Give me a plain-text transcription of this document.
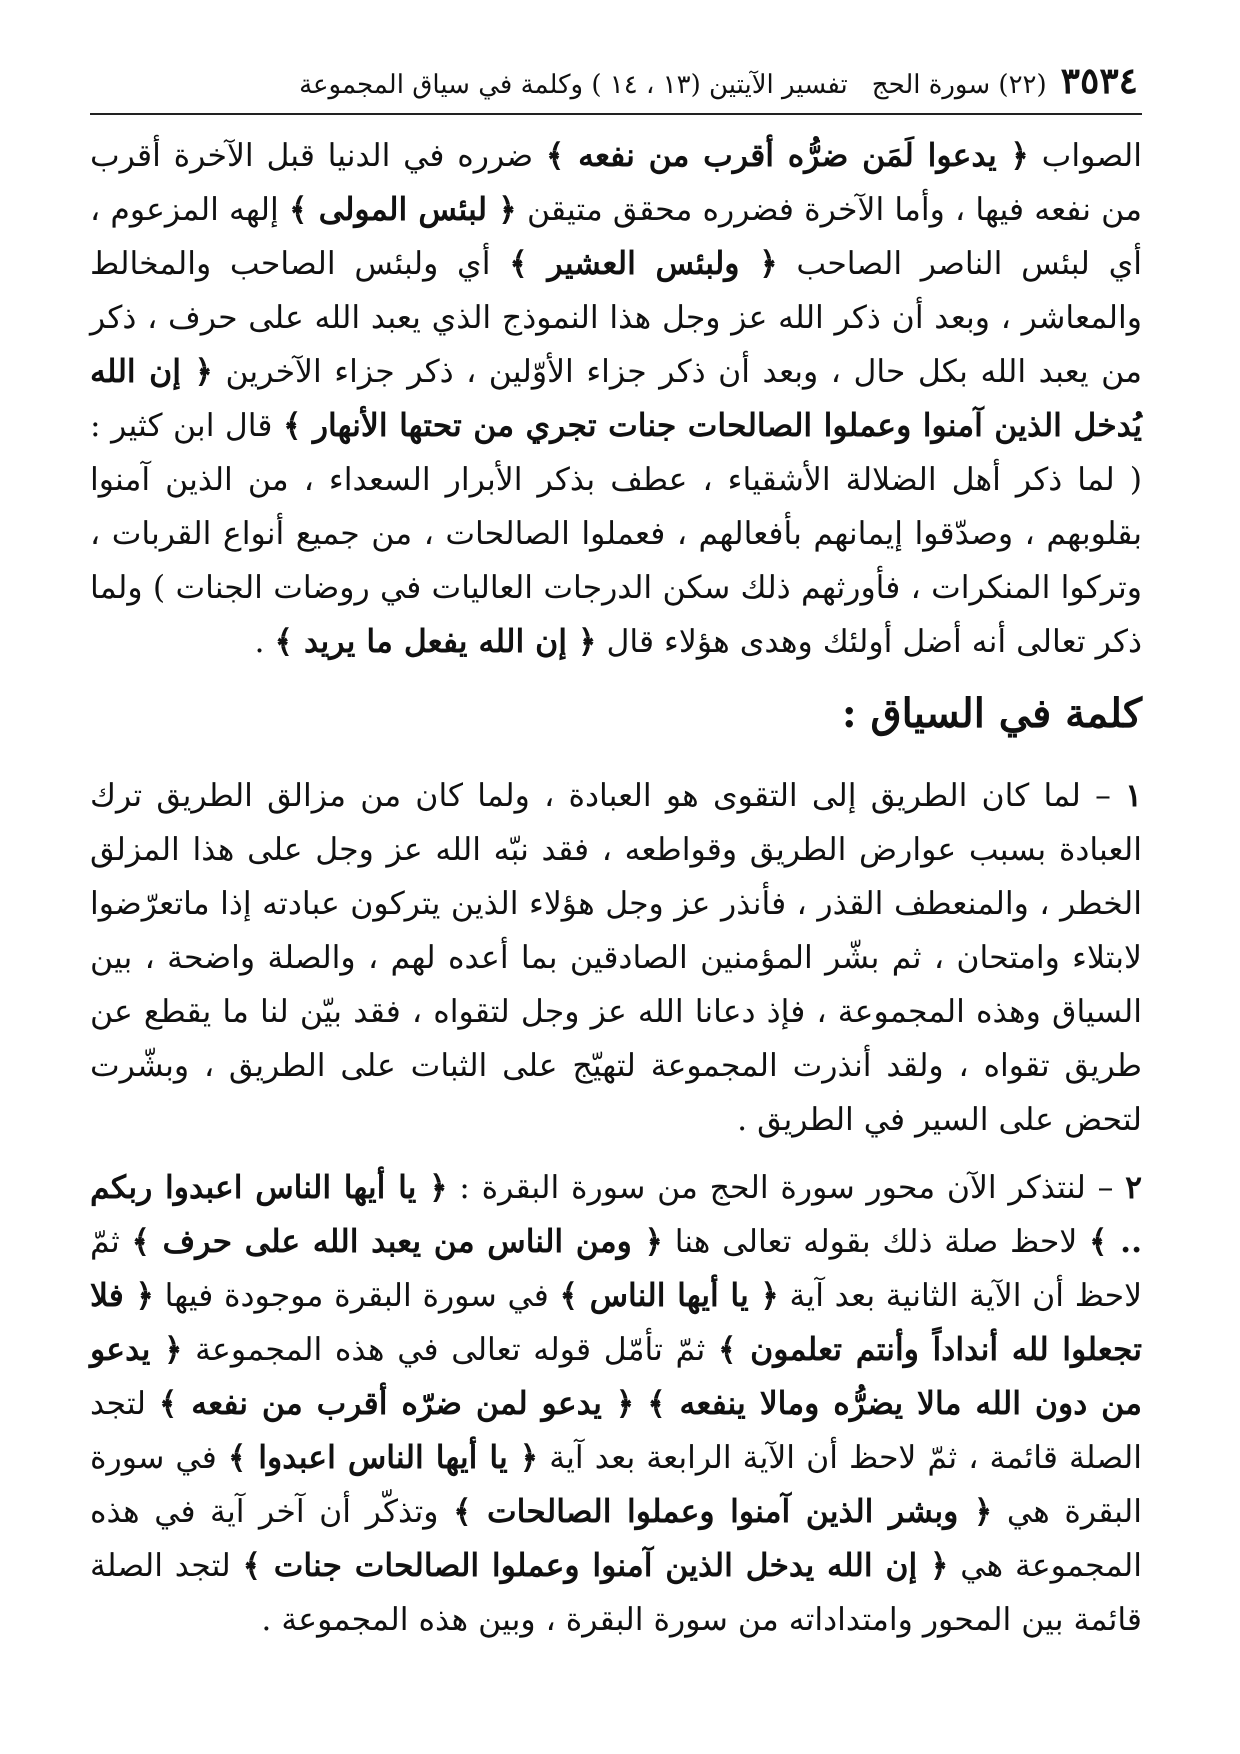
٣٥٣٤
(٢٢) سورة الحج
تفسير الآيتين (١٣ ، ١٤ ) وكلمة في سياق المجموعة

الصواب ﴿ يدعوا لَمَن ضرُّه أقرب من نفعه ﴾ ضرره في الدنيا قبل الآخرة أقرب من نفعه فيها ، وأما الآخرة فضرره محقق متيقن ﴿ لبئس المولى ﴾ إلهه المزعوم ، أي لبئس الناصر الصاحب ﴿ ولبئس العشير ﴾ أي ولبئس الصاحب والمخالط والمعاشر ، وبعد أن ذكر الله عز وجل هذا النموذج الذي يعبد الله على حرف ، ذكر من يعبد الله بكل حال ، وبعد أن ذكر جزاء الأوّلين ، ذكر جزاء الآخرين ﴿ إن الله يُدخل الذين آمنوا وعملوا الصالحات جنات تجري من تحتها الأنهار ﴾ قال ابن كثير : ( لما ذكر أهل الضلالة الأشقياء ، عطف بذكر الأبرار السعداء ، من الذين آمنوا بقلوبهم ، وصدّقوا إيمانهم بأفعالهم ، فعملوا الصالحات ، من جميع أنواع القربات ، وتركوا المنكرات ، فأورثهم ذلك سكن الدرجات العاليات في روضات الجنات ) ولما ذكر تعالى أنه أضل أولئك وهدى هؤلاء قال ﴿ إن الله يفعل ما يريد ﴾ .

كلمة في السياق :

١ – لما كان الطريق إلى التقوى هو العبادة ، ولما كان من مزالق الطريق ترك العبادة بسبب عوارض الطريق وقواطعه ، فقد نبّه الله عز وجل على هذا المزلق الخطر ، والمنعطف القذر ، فأنذر عز وجل هؤلاء الذين يتركون عبادته إذا ماتعرّضوا لابتلاء وامتحان ، ثم بشّر المؤمنين الصادقين بما أعده لهم ، والصلة واضحة ، بين السياق وهذه المجموعة ، فإذ دعانا الله عز وجل لتقواه ، فقد بيّن لنا ما يقطع عن طريق تقواه ، ولقد أنذرت المجموعة لتهيّج على الثبات على الطريق ، وبشّرت لتحض على السير في الطريق .

٢ – لنتذكر الآن محور سورة الحج من سورة البقرة : ﴿ يا أيها الناس اعبدوا ربكم .. ﴾ لاحظ صلة ذلك بقوله تعالى هنا ﴿ ومن الناس من يعبد الله على حرف ﴾ ثمّ لاحظ أن الآية الثانية بعد آية ﴿ يا أيها الناس ﴾ في سورة البقرة موجودة فيها ﴿ فلا تجعلوا لله أنداداً وأنتم تعلمون ﴾ ثمّ تأمّل قوله تعالى في هذه المجموعة ﴿ يدعو من دون الله مالا يضرُّه ومالا ينفعه ﴾ ﴿ يدعو لمن ضرّه أقرب من نفعه ﴾ لتجد الصلة قائمة ، ثمّ لاحظ أن الآية الرابعة بعد آية ﴿ يا أيها الناس اعبدوا ﴾ في سورة البقرة هي ﴿ وبشر الذين آمنوا وعملوا الصالحات ﴾ وتذكّر أن آخر آية في هذه المجموعة هي ﴿ إن الله يدخل الذين آمنوا وعملوا الصالحات جنات ﴾ لتجد الصلة قائمة بين المحور وامتداداته من سورة البقرة ، وبين هذه المجموعة .
